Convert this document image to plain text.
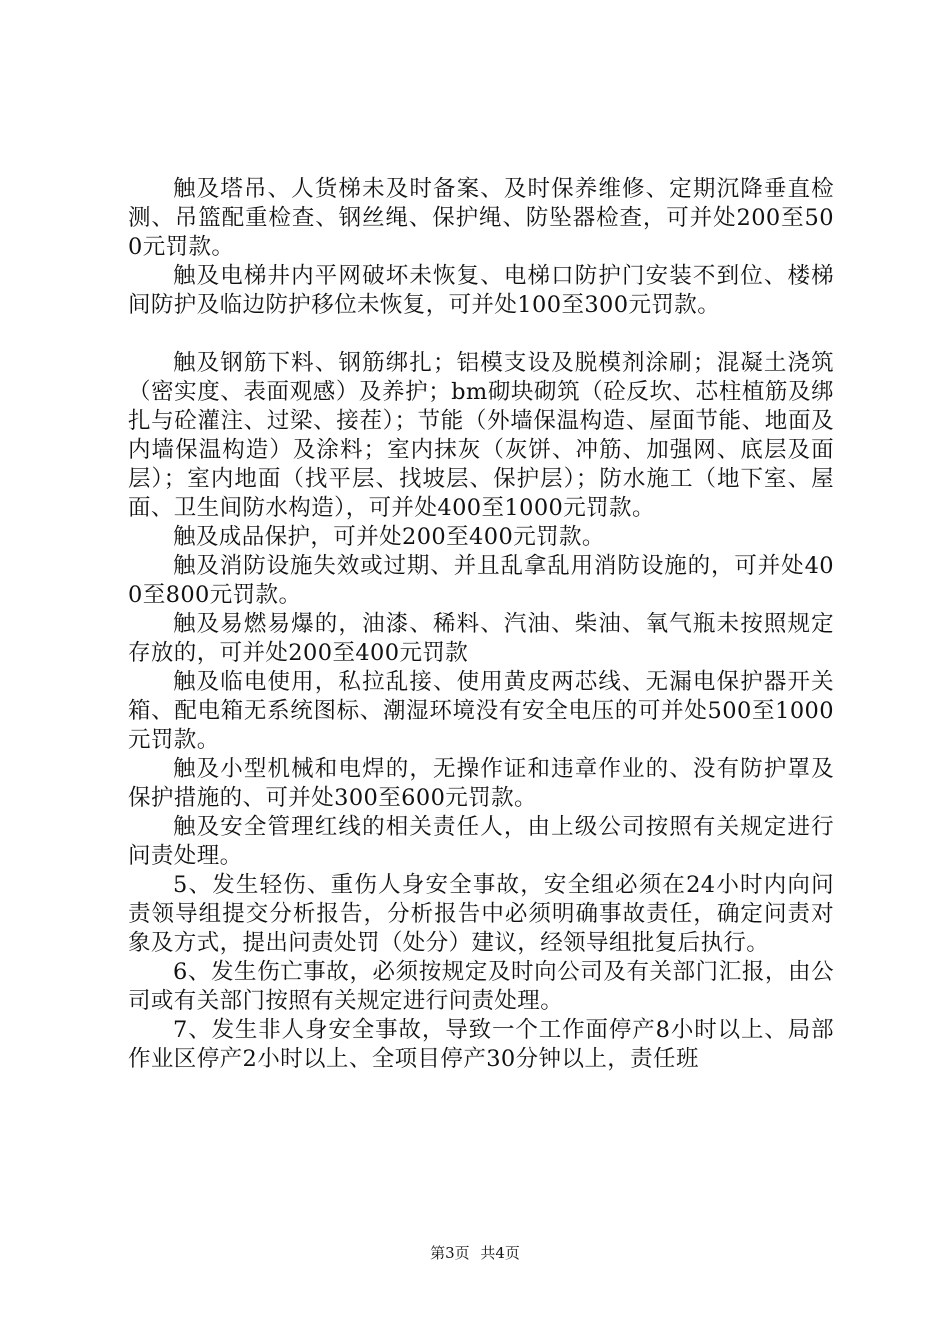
触及塔吊、人货梯未及时备案、及时保养维修、定期沉降垂直检测、吊篮配重检查、钢丝绳、保护绳、防坠器检查，可并处200至500元罚款。

触及电梯井内平网破坏未恢复、电梯口防护门安装不到位、楼梯间防护及临边防护移位未恢复，可并处100至300元罚款。

触及钢筋下料、钢筋绑扎；铝模支设及脱模剂涂刷；混凝土浇筑（密实度、表面观感）及养护；bm砌块砌筑（砼反坎、芯柱植筋及绑扎与砼灌注、过梁、接茬）；节能（外墙保温构造、屋面节能、地面及内墙保温构造）及涂料；室内抹灰（灰饼、冲筋、加强网、底层及面层）；室内地面（找平层、找坡层、保护层）；防水施工（地下室、屋面、卫生间防水构造），可并处400至1000元罚款。

触及成品保护，可并处200至400元罚款。

触及消防设施失效或过期、并且乱拿乱用消防设施的，可并处400至800元罚款。

触及易燃易爆的，油漆、稀料、汽油、柴油、氧气瓶未按照规定存放的，可并处200至400元罚款

触及临电使用，私拉乱接、使用黄皮两芯线、无漏电保护器开关箱、配电箱无系统图标、潮湿环境没有安全电压的可并处500至1000元罚款。

触及小型机械和电焊的，无操作证和违章作业的、没有防护罩及保护措施的、可并处300至600元罚款。

触及安全管理红线的相关责任人，由上级公司按照有关规定进行问责处理。

5、发生轻伤、重伤人身安全事故，安全组必须在24小时内向问责领导组提交分析报告，分析报告中必须明确事故责任，确定问责对象及方式，提出问责处罚（处分）建议，经领导组批复后执行。

6、发生伤亡事故，必须按规定及时向公司及有关部门汇报，由公司或有关部门按照有关规定进行问责处理。

7、发生非人身安全事故，导致一个工作面停产8小时以上、局部作业区停产2小时以上、全项目停产30分钟以上，责任班

第3页 共4页
